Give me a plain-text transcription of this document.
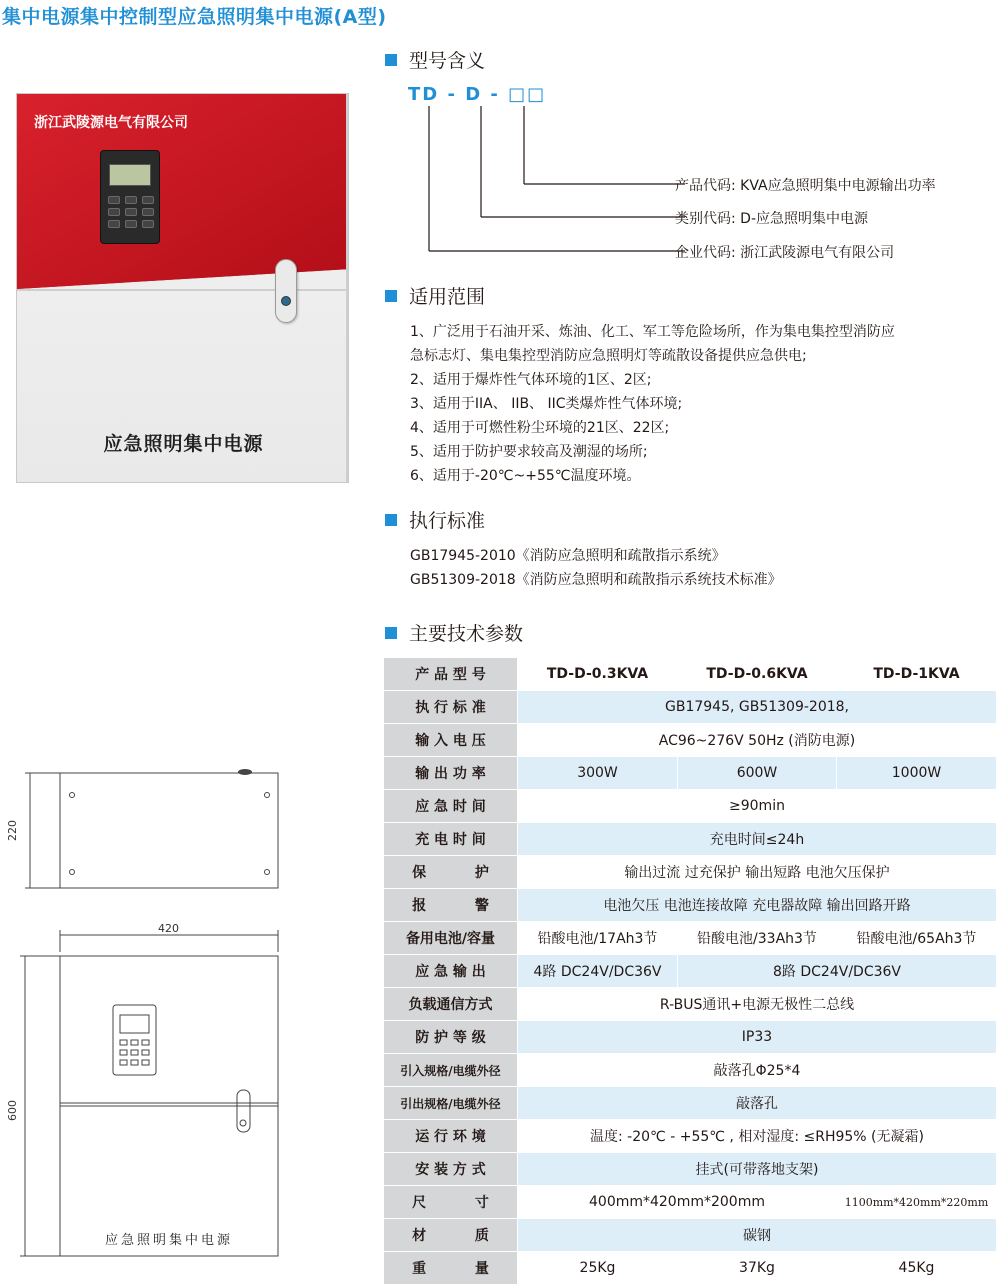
集中电源集中控制型应急照明集中电源(A型)
浙江武陵源电气有限公司
应急照明集中电源
220
420
600
应急照明集中电源
型号含义
TD - D - □□
产品代码: KVA应急照明集中电源输出功率
类别代码: D-应急照明集中电源
企业代码: 浙江武陵源电气有限公司
适用范围
1、广泛用于石油开采、炼油、化工、军工等危险场所，作为集电集控型消防应
急标志灯、集电集控型消防应急照明灯等疏散设备提供应急供电;
2、适用于爆炸性气体环境的1区、2区;
3、适用于IIA、 IIB、 IIC类爆炸性气体环境;
4、适用于可燃性粉尘环境的21区、22区;
5、适用于防护要求较高及潮湿的场所;
6、适用于-20℃~+55℃温度环境。
执行标准
GB17945-2010《消防应急照明和疏散指示系统》
GB51309-2018《消防应急照明和疏散指示系统技术标准》
主要技术参数
产 品 型 号	TD-D-0.3KVA	TD-D-0.6KVA	TD-D-1KVA
执 行 标 准	GB17945, GB51309-2018,		
输 入 电 压	AC96~276V 50Hz (消防电源)		
输 出 功 率	300W	600W	1000W
应 急 时 间	≥90min		
充 电 时 间	充电时间≤24h		
保          护	输出过流 过充保护 输出短路 电池欠压保护		
报          警	电池欠压 电池连接故障 充电器故障 输出回路开路		
备用电池/容量	铅酸电池/17Ah3节	铅酸电池/33Ah3节	铅酸电池/65Ah3节
应 急 输 出	4路 DC24V/DC36V	8路 DC24V/DC36V	
负载通信方式	R-BUS通讯+电源无极性二总线		
防 护 等 级	IP33		
引入规格/电缆外径	敲落孔Φ25*4		
引出规格/电缆外径	敲落孔		
运 行 环 境	温度: -20℃ - +55℃ , 相对湿度: ≤RH95% (无凝霜)		
安 装 方 式	挂式(可带落地支架)		
尺          寸	400mm*420mm*200mm		1100mm*420mm*220mm
材          质	碳钢		
重          量	25Kg	37Kg	45Kg
